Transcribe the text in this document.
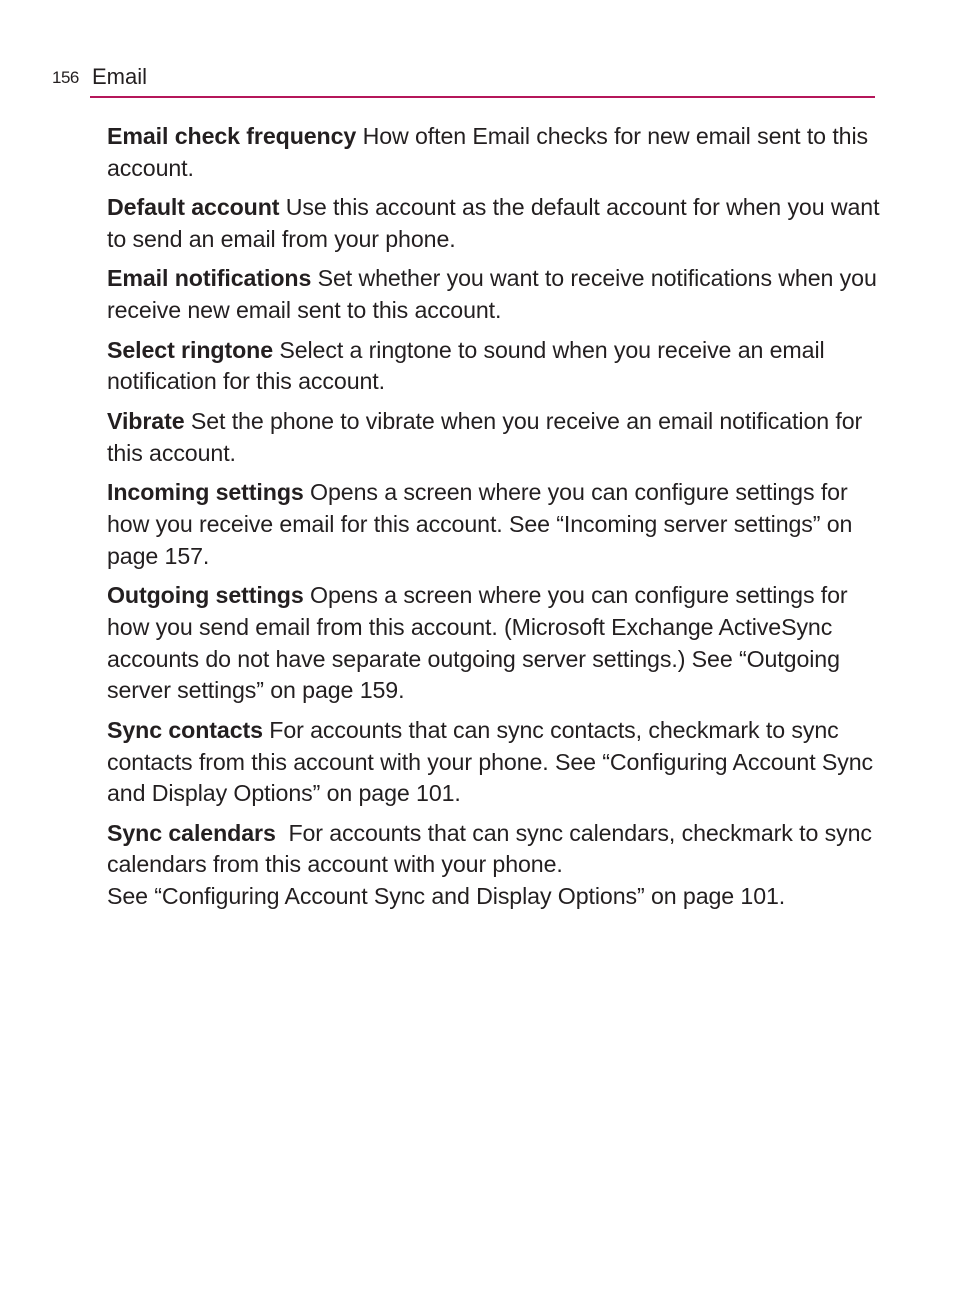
156 Email

Email check frequency How often Email checks for new email sent to this account.

Default account Use this account as the default account for when you want to send an email from your phone.

Email notifications Set whether you want to receive notifications when you receive new email sent to this account.

Select ringtone Select a ringtone to sound when you receive an email notification for this account.

Vibrate Set the phone to vibrate when you receive an email notification for this account.

Incoming settings Opens a screen where you can configure settings for how you receive email for this account. See “Incoming server settings” on page 157.

Outgoing settings Opens a screen where you can configure settings for how you send email from this account. (Microsoft Exchange ActiveSync accounts do not have separate outgoing server settings.) See “Outgoing server settings” on page 159.

Sync contacts For accounts that can sync contacts, checkmark to sync contacts from this account with your phone. See “Configuring Account Sync and Display Options” on page 101.

Sync calendars For accounts that can sync calendars, checkmark to sync calendars from this account with your phone.
See “Configuring Account Sync and Display Options” on page 101.
